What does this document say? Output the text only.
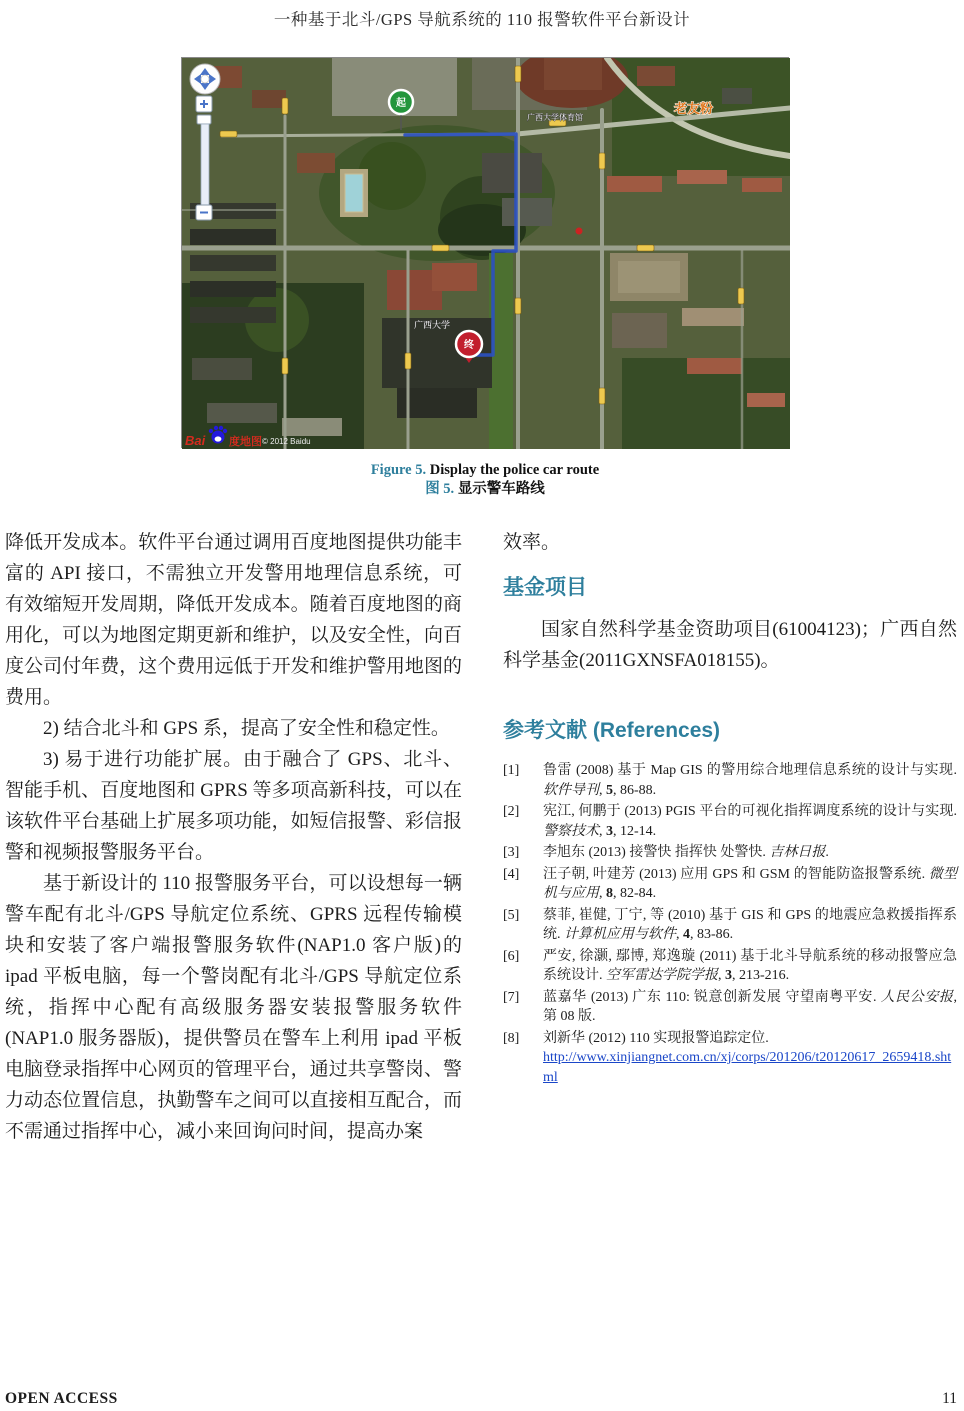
一种基于北斗/GPS 导航系统的 110 报警软件平台新设计
广西大学体育馆
广西大学
老友粉
起
终
Bai 度地图 © 2012 Baidu
Figure 5. Display the police car route
图 5. 显示警车路线

降低开发成本。软件平台通过调用百度地图提供功能丰富的 API 接口，不需独立开发警用地理信息系统，可有效缩短开发周期，降低开发成本。随着百度地图的商用化，可以为地图定期更新和维护，以及安全性，向百度公司付年费，这个费用远低于开发和维护警用地图的费用。

2) 结合北斗和 GPS 系，提高了安全性和稳定性。

3) 易于进行功能扩展。由于融合了 GPS、北斗、智能手机、百度地图和 GPRS 等多项高新科技，可以在该软件平台基础上扩展多项功能，如短信报警、彩信报警和视频报警服务平台。

基于新设计的 110 报警服务平台，可以设想每一辆警车配有北斗/GPS 导航定位系统、GPRS 远程传输模块和安装了客户端报警服务软件(NAP1.0 客户版)的 ipad 平板电脑，每一个警岗配有北斗/GPS 导航定位系统，指挥中心配有高级服务器安装报警服务软件(NAP1.0 服务器版)，提供警员在警车上利用 ipad 平板电脑登录指挥中心网页的管理平台，通过共享警岗、警力动态位置信息，执勤警车之间可以直接相互配合，而不需通过指挥中心，减小来回询问时间，提高办案

效率。

基金项目

国家自然科学基金资助项目(61004123)；广西自然科学基金(2011GXNSFA018155)。

参考文献 (References)
[1]	鲁雷 (2008) 基于 Map GIS 的警用综合地理信息系统的设计与实现. 软件导刊, 5, 86-88.
[2]	宪江, 何鹏于 (2013) PGIS 平台的可视化指挥调度系统的设计与实现. 警察技术, 3, 12-14.
[3]	李旭东 (2013) 接警快 指挥快 处警快. 吉林日报.
[4]	汪子朝, 叶建芳 (2013) 应用 GPS 和 GSM 的智能防盗报警系统. 微型机与应用, 8, 82-84.
[5]	蔡菲, 崔健, 丁宁, 等 (2010) 基于 GIS 和 GPS 的地震应急救援指挥系统. 计算机应用与软件, 4, 83-86.
[6]	严安, 徐灏, 鄢博, 郑逸璇 (2011) 基于北斗导航系统的移动报警应急系统设计. 空军雷达学院学报, 3, 213-216.
[7]	蓝嘉华 (2013) 广东 110: 锐意创新发展 守望南粤平安. 人民公安报, 第 08 版.
[8]	刘新华 (2012) 110 实现报警追踪定位.
http://www.xinjiangnet.com.cn/xj/corps/201206/t20120617_2659418.shtml
OPEN ACCESS	11
